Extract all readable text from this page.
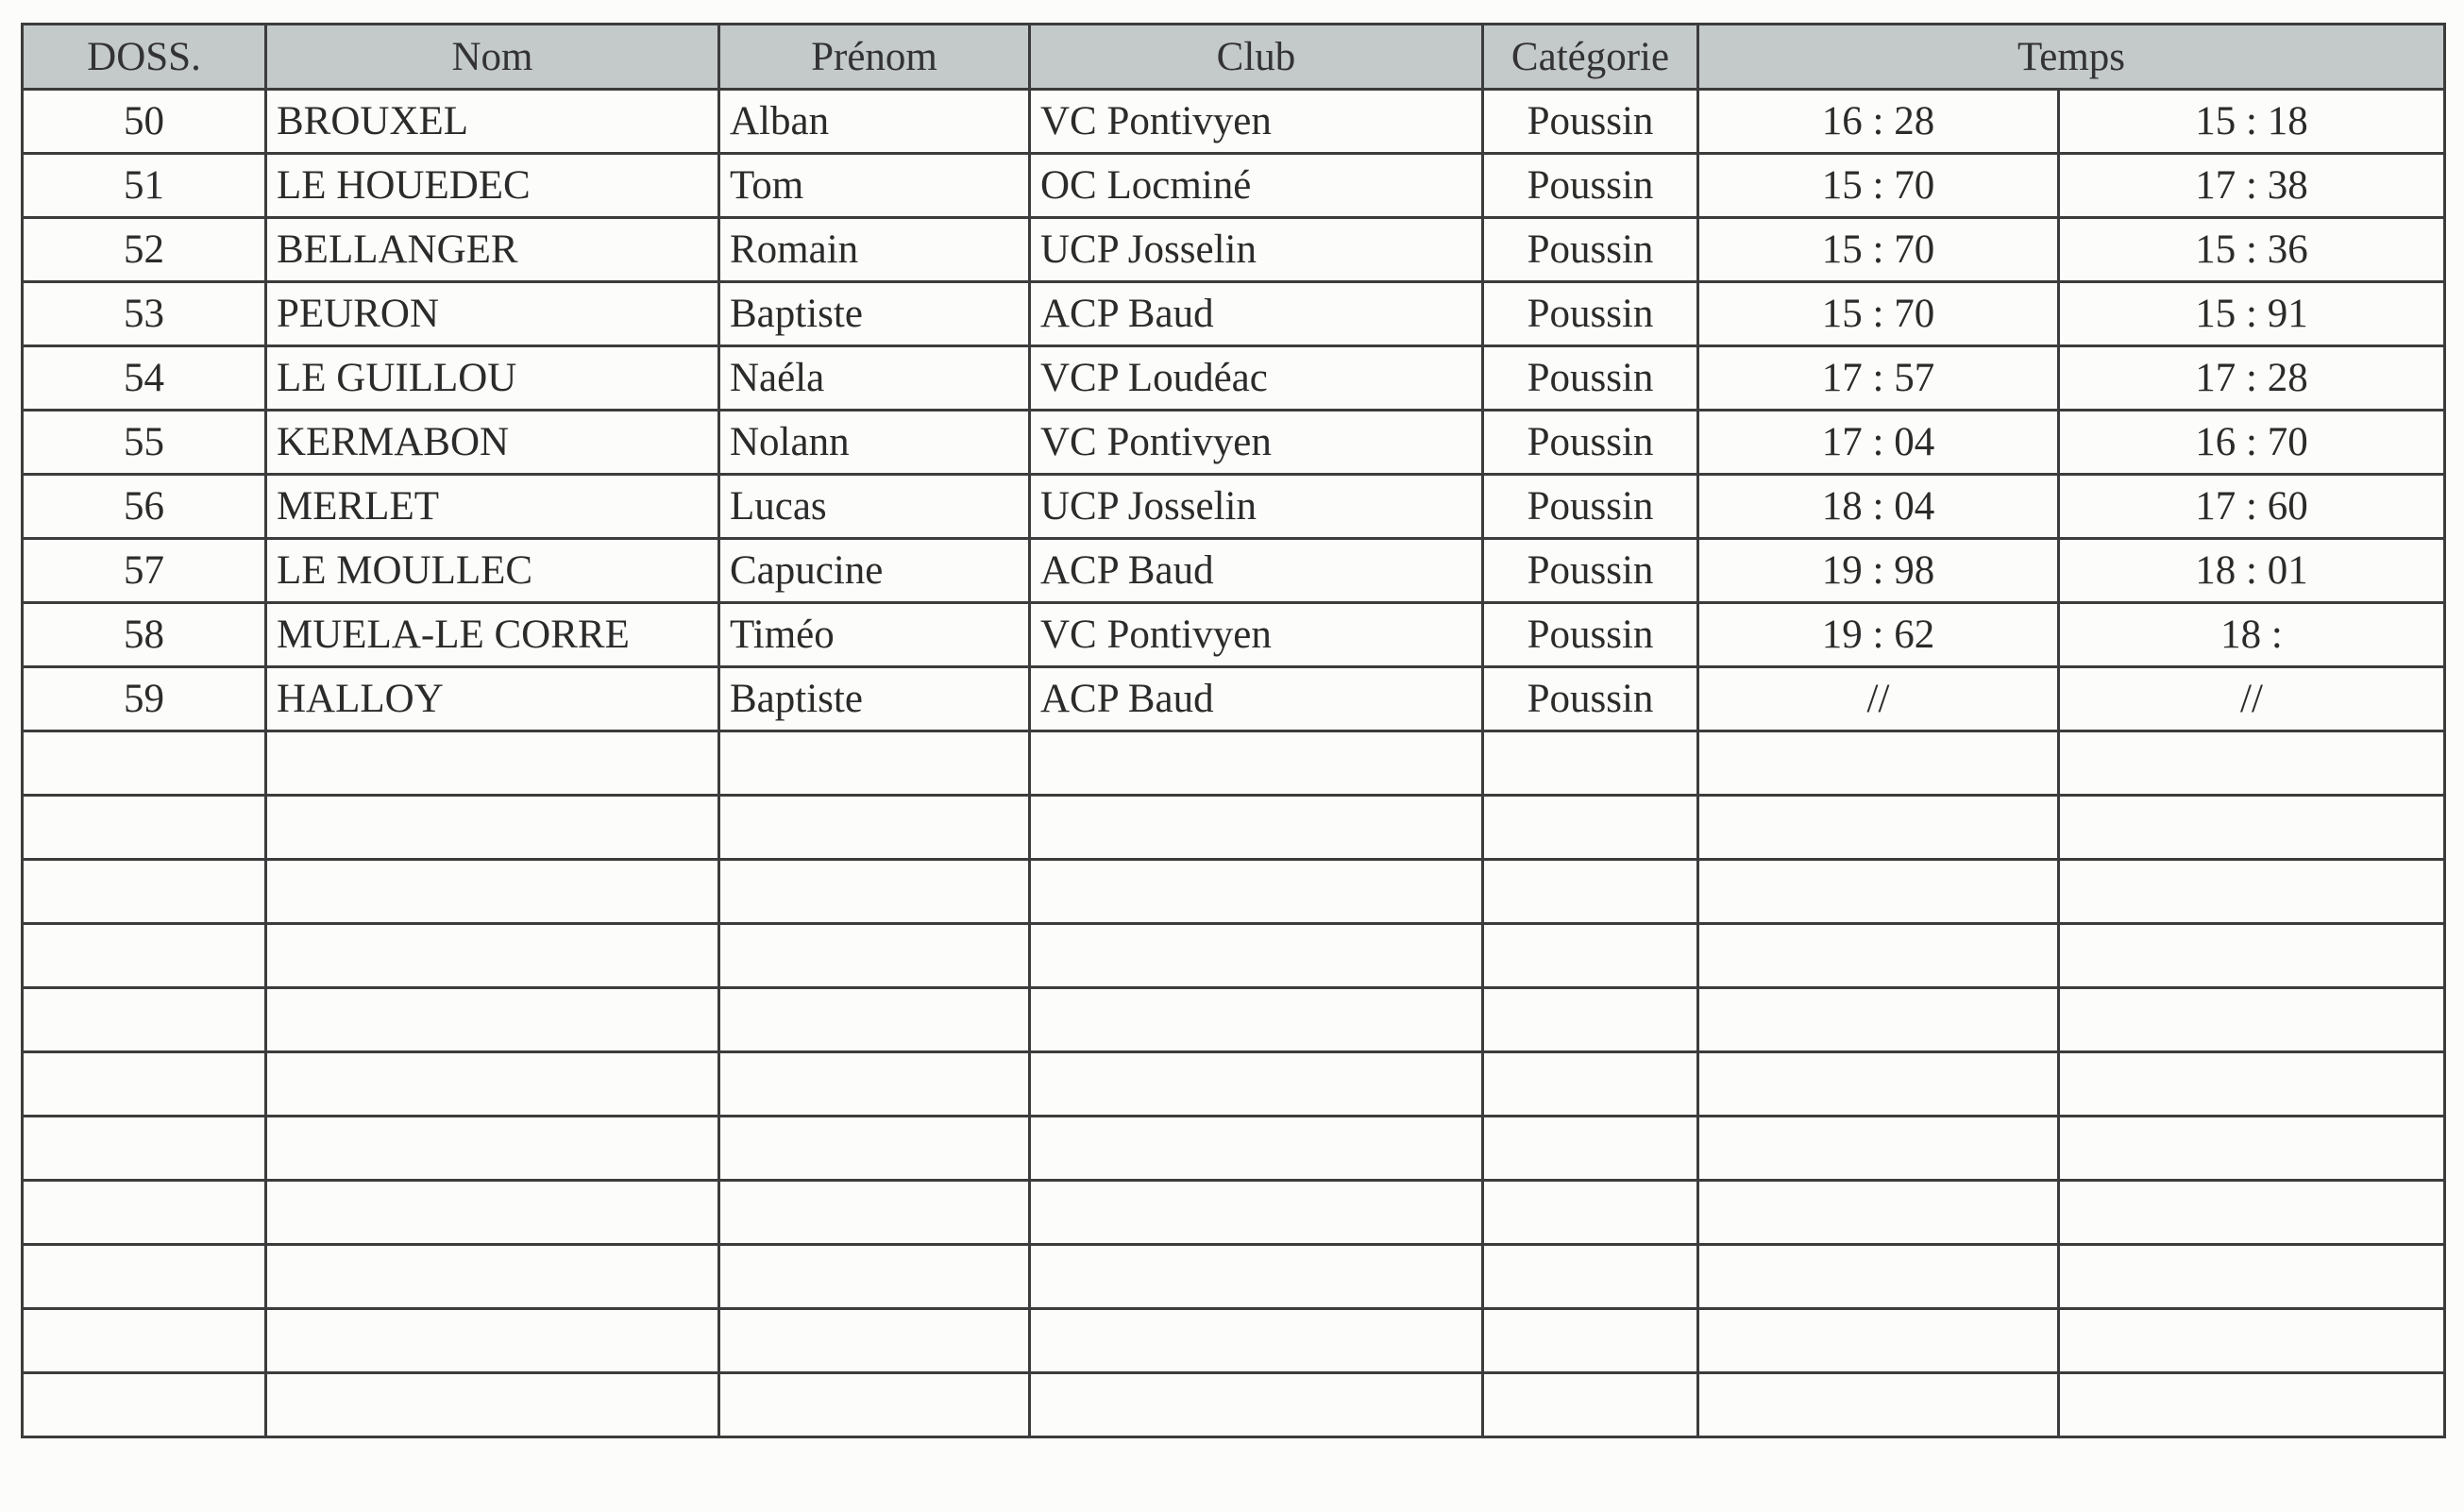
DOSS.	Nom	Prénom	Club	Catégorie	Temps	
50	BROUXEL	Alban	VC Pontivyen	Poussin	16 : 28	15 : 18
51	LE HOUEDEC	Tom	OC Locminé	Poussin	15 : 70	17 : 38
52	BELLANGER	Romain	UCP Josselin	Poussin	15 : 70	15 : 36
53	PEURON	Baptiste	ACP Baud	Poussin	15 : 70	15 : 91
54	LE GUILLOU	Naéla	VCP Loudéac	Poussin	17 : 57	17 : 28
55	KERMABON	Nolann	VC Pontivyen	Poussin	17 : 04	16 : 70
56	MERLET	Lucas	UCP Josselin	Poussin	18 : 04	17 : 60
57	LE MOULLEC	Capucine	ACP Baud	Poussin	19 : 98	18 : 01
58	MUELA-LE CORRE	Timéo	VC Pontivyen	Poussin	19 : 62	18 :
59	HALLOY	Baptiste	ACP Baud	Poussin	//	//
